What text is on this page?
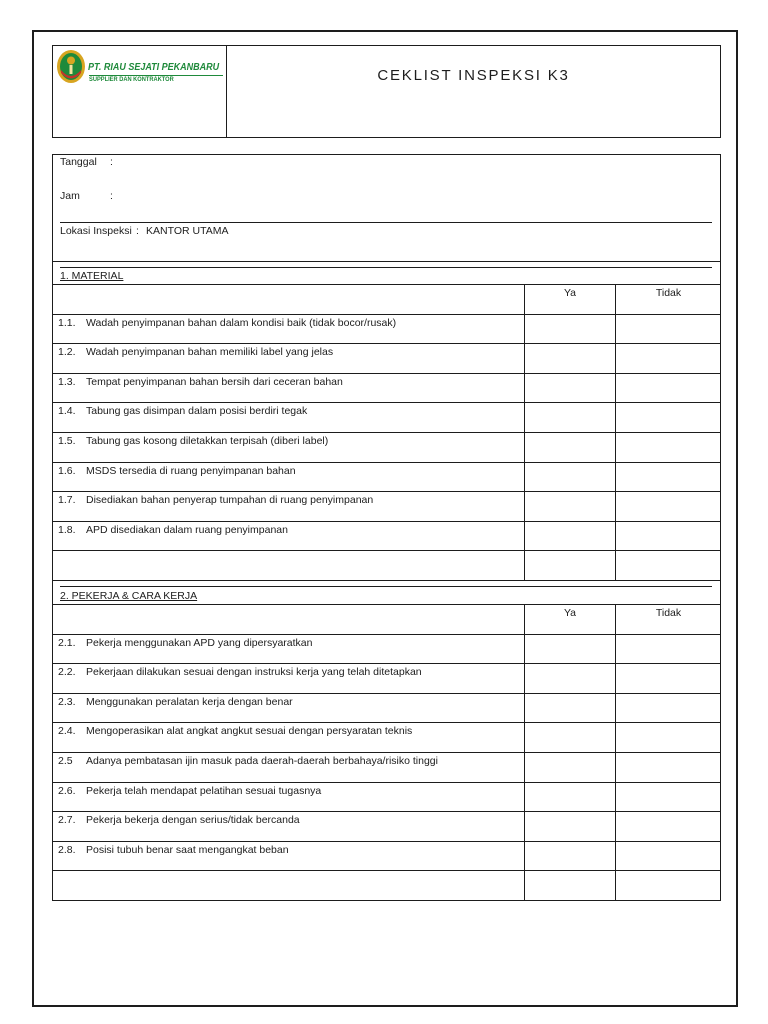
PT. RIAU SEJATI PEKANBARU
SUPPLIER DAN KONTRAKTOR	CEKLIST INSPEKSI K3
Tanggal :
Jam	:
Lokasi Inspeksi : KANTOR UTAMA
1. MATERIAL
Ya	Tidak
1.1. Wadah penyimpanan bahan dalam kondisi baik (tidak bocor/rusak)
1.2. Wadah penyimpanan bahan memiliki label yang jelas
1.3. Tempat penyimpanan bahan bersih dari ceceran bahan
1.4. Tabung gas disimpan dalam posisi berdiri tegak
1.5. Tabung gas kosong diletakkan terpisah (diberi label)
1.6. MSDS tersedia di ruang penyimpanan bahan
1.7. Disediakan bahan penyerap tumpahan di ruang penyimpanan
1.8. APD disediakan dalam ruang penyimpanan
2. PEKERJA & CARA KERJA
Ya	Tidak
2.1. Pekerja menggunakan APD yang dipersyaratkan
2.2. Pekerjaan dilakukan sesuai dengan instruksi kerja yang telah ditetapkan
2.3. Menggunakan peralatan kerja dengan benar
2.4. Mengoperasikan alat angkat angkut sesuai dengan persyaratan teknis
2.5 Adanya pembatasan ijin masuk pada daerah-daerah berbahaya/risiko tinggi
2.6. Pekerja telah mendapat pelatihan sesuai tugasnya
2.7. Pekerja bekerja dengan serius/tidak bercanda
2.8. Posisi tubuh benar saat mengangkat beban
